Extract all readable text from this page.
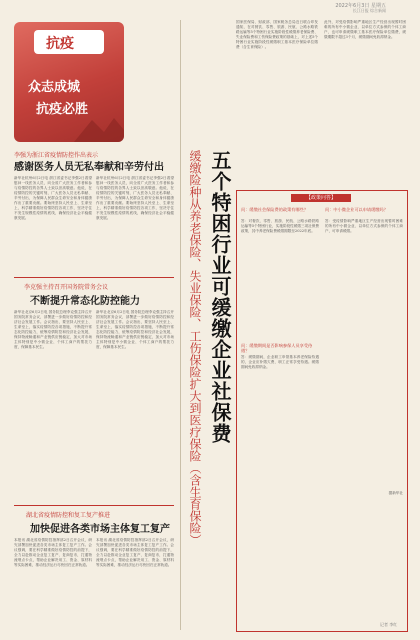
2022年6月3日 星期五
长江日报 综合新闻
抗疫
众志成城
抗疫必胜
李强为浙江省疫情防控作出表示
感谢医务人员无私奉献和辛劳付出
新华社杭州6月2日电 浙江省委书记李强2日看望慰问一线医务人员，向全省广大医务工作者和参与疫情防控的各界人士致以崇高敬意。他说，在疫情防控的关键时刻，广大医务人员无私奉献、辛劳付出，为保障人民群众生命安全和身体健康作出了重要贡献。要始终坚持人民至上、生命至上，科学精准做好疫情防控各项工作，坚决守住不发生规模性疫情的底线，确保经济社会平稳健康发展。
新华社杭州6月2日电 浙江省委书记李强2日看望慰问一线医务人员，向全省广大医务工作者和参与疫情防控的各界人士致以崇高敬意。他说，在疫情防控的关键时刻，广大医务人员无私奉献、辛劳付出，为保障人民群众生命安全和身体健康作出了重要贡献。要始终坚持人民至上、生命至上，科学精准做好疫情防控各项工作，坚决守住不发生规模性疫情的底线，确保经济社会平稳健康发展。
李克强主持召开国务院常务会议
不断提升常态化防控能力
新华社北京6月2日电 国务院总理李克强主持召开国务院常务会议，部署进一步做好疫情防控和经济社会发展工作。会议指出，要坚持人民至上、生命至上，落实疫情防控各项措施，不断提升常态化防控能力，统筹疫情防控和经济社会发展，保持物流畅通和产业链供应链稳定，加大对市场主体特别是中小微企业、个体工商户的帮扶力度，保障基本民生。
新华社北京6月2日电 国务院总理李克强主持召开国务院常务会议，部署进一步做好疫情防控和经济社会发展工作。会议指出，要坚持人民至上、生命至上，落实疫情防控各项措施，不断提升常态化防控能力，统筹疫情防控和经济社会发展，保持物流畅通和产业链供应链稳定，加大对市场主体特别是中小微企业、个体工商户的帮扶力度，保障基本民生。
湖北省疫情防控和复工复产推进
加快促进各类市场主体复工复产
本报讯 湖北省疫情防控指挥部2日召开会议，研究部署加快促进各类市场主体复工复产工作。会议强调，要在科学精准做好疫情防控的前提下，全力以赴推动企业复工复产、复商复市，打通物流堵点卡点，帮助企业解决用工、资金、原材料等实际困难，推动经济运行尽快回归正常轨道。
本报讯 湖北省疫情防控指挥部2日召开会议，研究部署加快促进各类市场主体复工复产工作。会议强调，要在科学精准做好疫情防控的前提下，全力以赴推动企业复工复产、复商复市，打通物流堵点卡点，帮助企业解决用工、资金、原材料等实际困难，推动经济运行尽快回归正常轨道。
缓缴险种从养老保险、失业保险、工伤保险扩大到医疗保险（含生育保险） 五个特困行业可缓缴企业社保费
国家医保局、财政部、国家税务总局近日联合印发通知，在对餐饮、零售、旅游、民航、公路水路铁路运输等5个特困行业实施阶段性缓缴养老保险费、失业保险费和工伤保险费政策的基础上，对上述5个特困行业实施阶段性缓缴职工基本医疗保险单位缴费（含生育保险）。
此外，对受疫情影响严重地区生产经营出现暂时困难的所有中小微企业、以单位方式参保的个体工商户，也可申请缓缴职工基本医疗保险单位缴费，缓缴期限不超过3个月，缓缴期间免收滞纳金。
【政策问答】
问：缓缴社会保险费的政策有哪些？
答：对餐饮、零售、旅游、民航、公路水路铁路运输等5个特困行业，实施阶段性缓缴三项社保费政策，其中养老保险费缓缴期限至2022年底。
问：缓缴期间是否影响参保人员享受待遇？
答：缓缴期间，企业职工申领基本养老保险待遇的，企业应补缴欠费，职工正常享受待遇。缓缴期间免收滞纳金。
问：中小微企业可以申请缓缴吗？
答：受疫情影响严重地区生产经营出现暂时困难的所有中小微企业、以单位方式参保的个体工商户，可申请缓缴。
据新华社
记者 李红
